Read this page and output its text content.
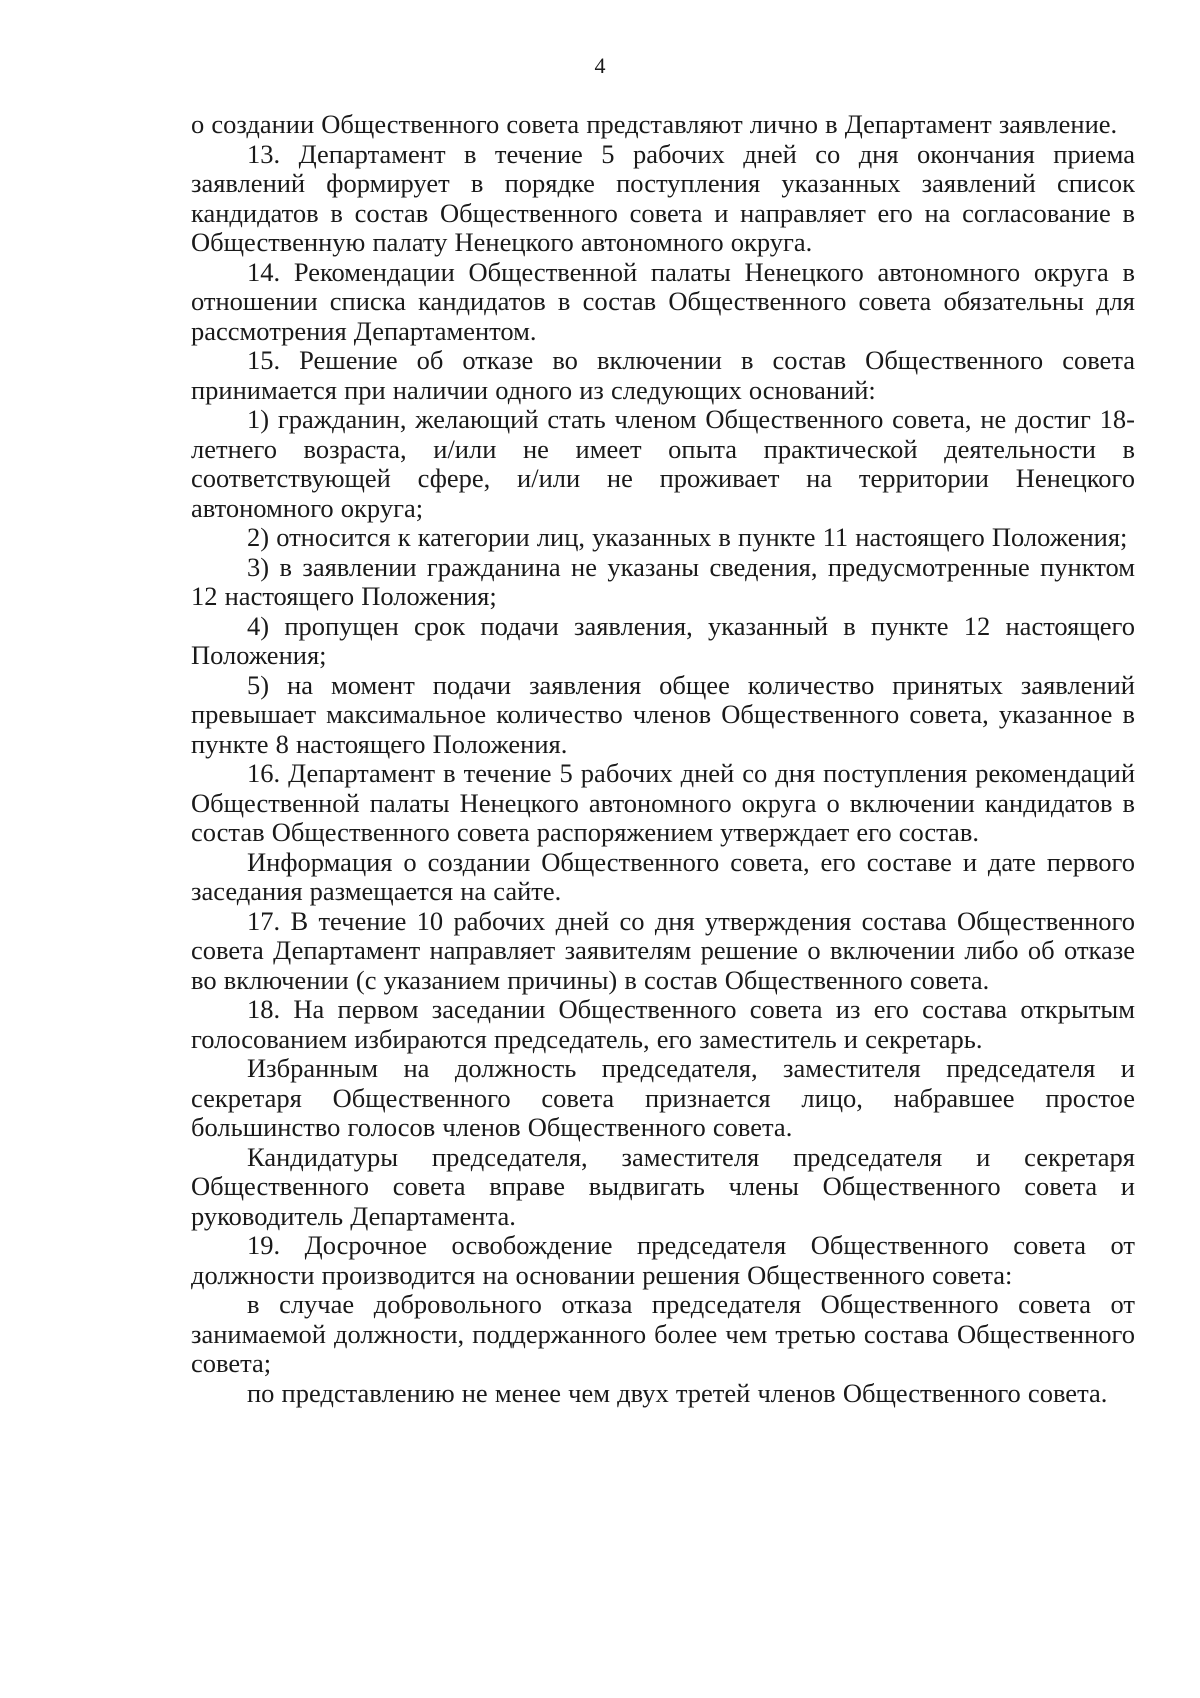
4

о создании Общественного совета представляют лично в Департамент заявление.

13. Департамент в течение 5 рабочих дней со дня окончания приема заявлений формирует в порядке поступления указанных заявлений список кандидатов в состав Общественного совета и направляет его на согласование в Общественную палату Ненецкого автономного округа.

14. Рекомендации Общественной палаты Ненецкого автономного округа в отношении списка кандидатов в состав Общественного совета обязательны для рассмотрения Департаментом.

15. Решение об отказе во включении в состав Общественного совета принимается при наличии одного из следующих оснований:

1) гражданин, желающий стать членом Общественного совета, не достиг 18-летнего возраста, и/или не имеет опыта практической деятельности в соответствующей сфере, и/или не проживает на территории Ненецкого автономного округа;

2) относится к категории лиц, указанных в пункте 11 настоящего Положения;

3) в заявлении гражданина не указаны сведения, предусмотренные пунктом 12 настоящего Положения;

4) пропущен срок подачи заявления, указанный в пункте 12 настоящего Положения;

5) на момент подачи заявления общее количество принятых заявлений превышает максимальное количество членов Общественного совета, указанное в пункте 8 настоящего Положения.

16. Департамент в течение 5 рабочих дней со дня поступления рекомендаций Общественной палаты Ненецкого автономного округа о включении кандидатов в состав Общественного совета распоряжением утверждает его состав.

Информация о создании Общественного совета, его составе и дате первого заседания размещается на сайте.

17. В течение 10 рабочих дней со дня утверждения состава Общественного совета Департамент направляет заявителям решение о включении либо об отказе во включении (с указанием причины) в состав Общественного совета.

18. На первом заседании Общественного совета из его состава открытым голосованием избираются председатель, его заместитель и секретарь.

Избранным на должность председателя, заместителя председателя и секретаря Общественного совета признается лицо, набравшее простое большинство голосов членов Общественного совета.

Кандидатуры председателя, заместителя председателя и секретаря Общественного совета вправе выдвигать члены Общественного совета и руководитель Департамента.

19. Досрочное освобождение председателя Общественного совета от должности производится на основании решения Общественного совета:

в случае добровольного отказа председателя Общественного совета от занимаемой должности, поддержанного более чем третью состава Общественного совета;

по представлению не менее чем двух третей членов Общественного совета.
